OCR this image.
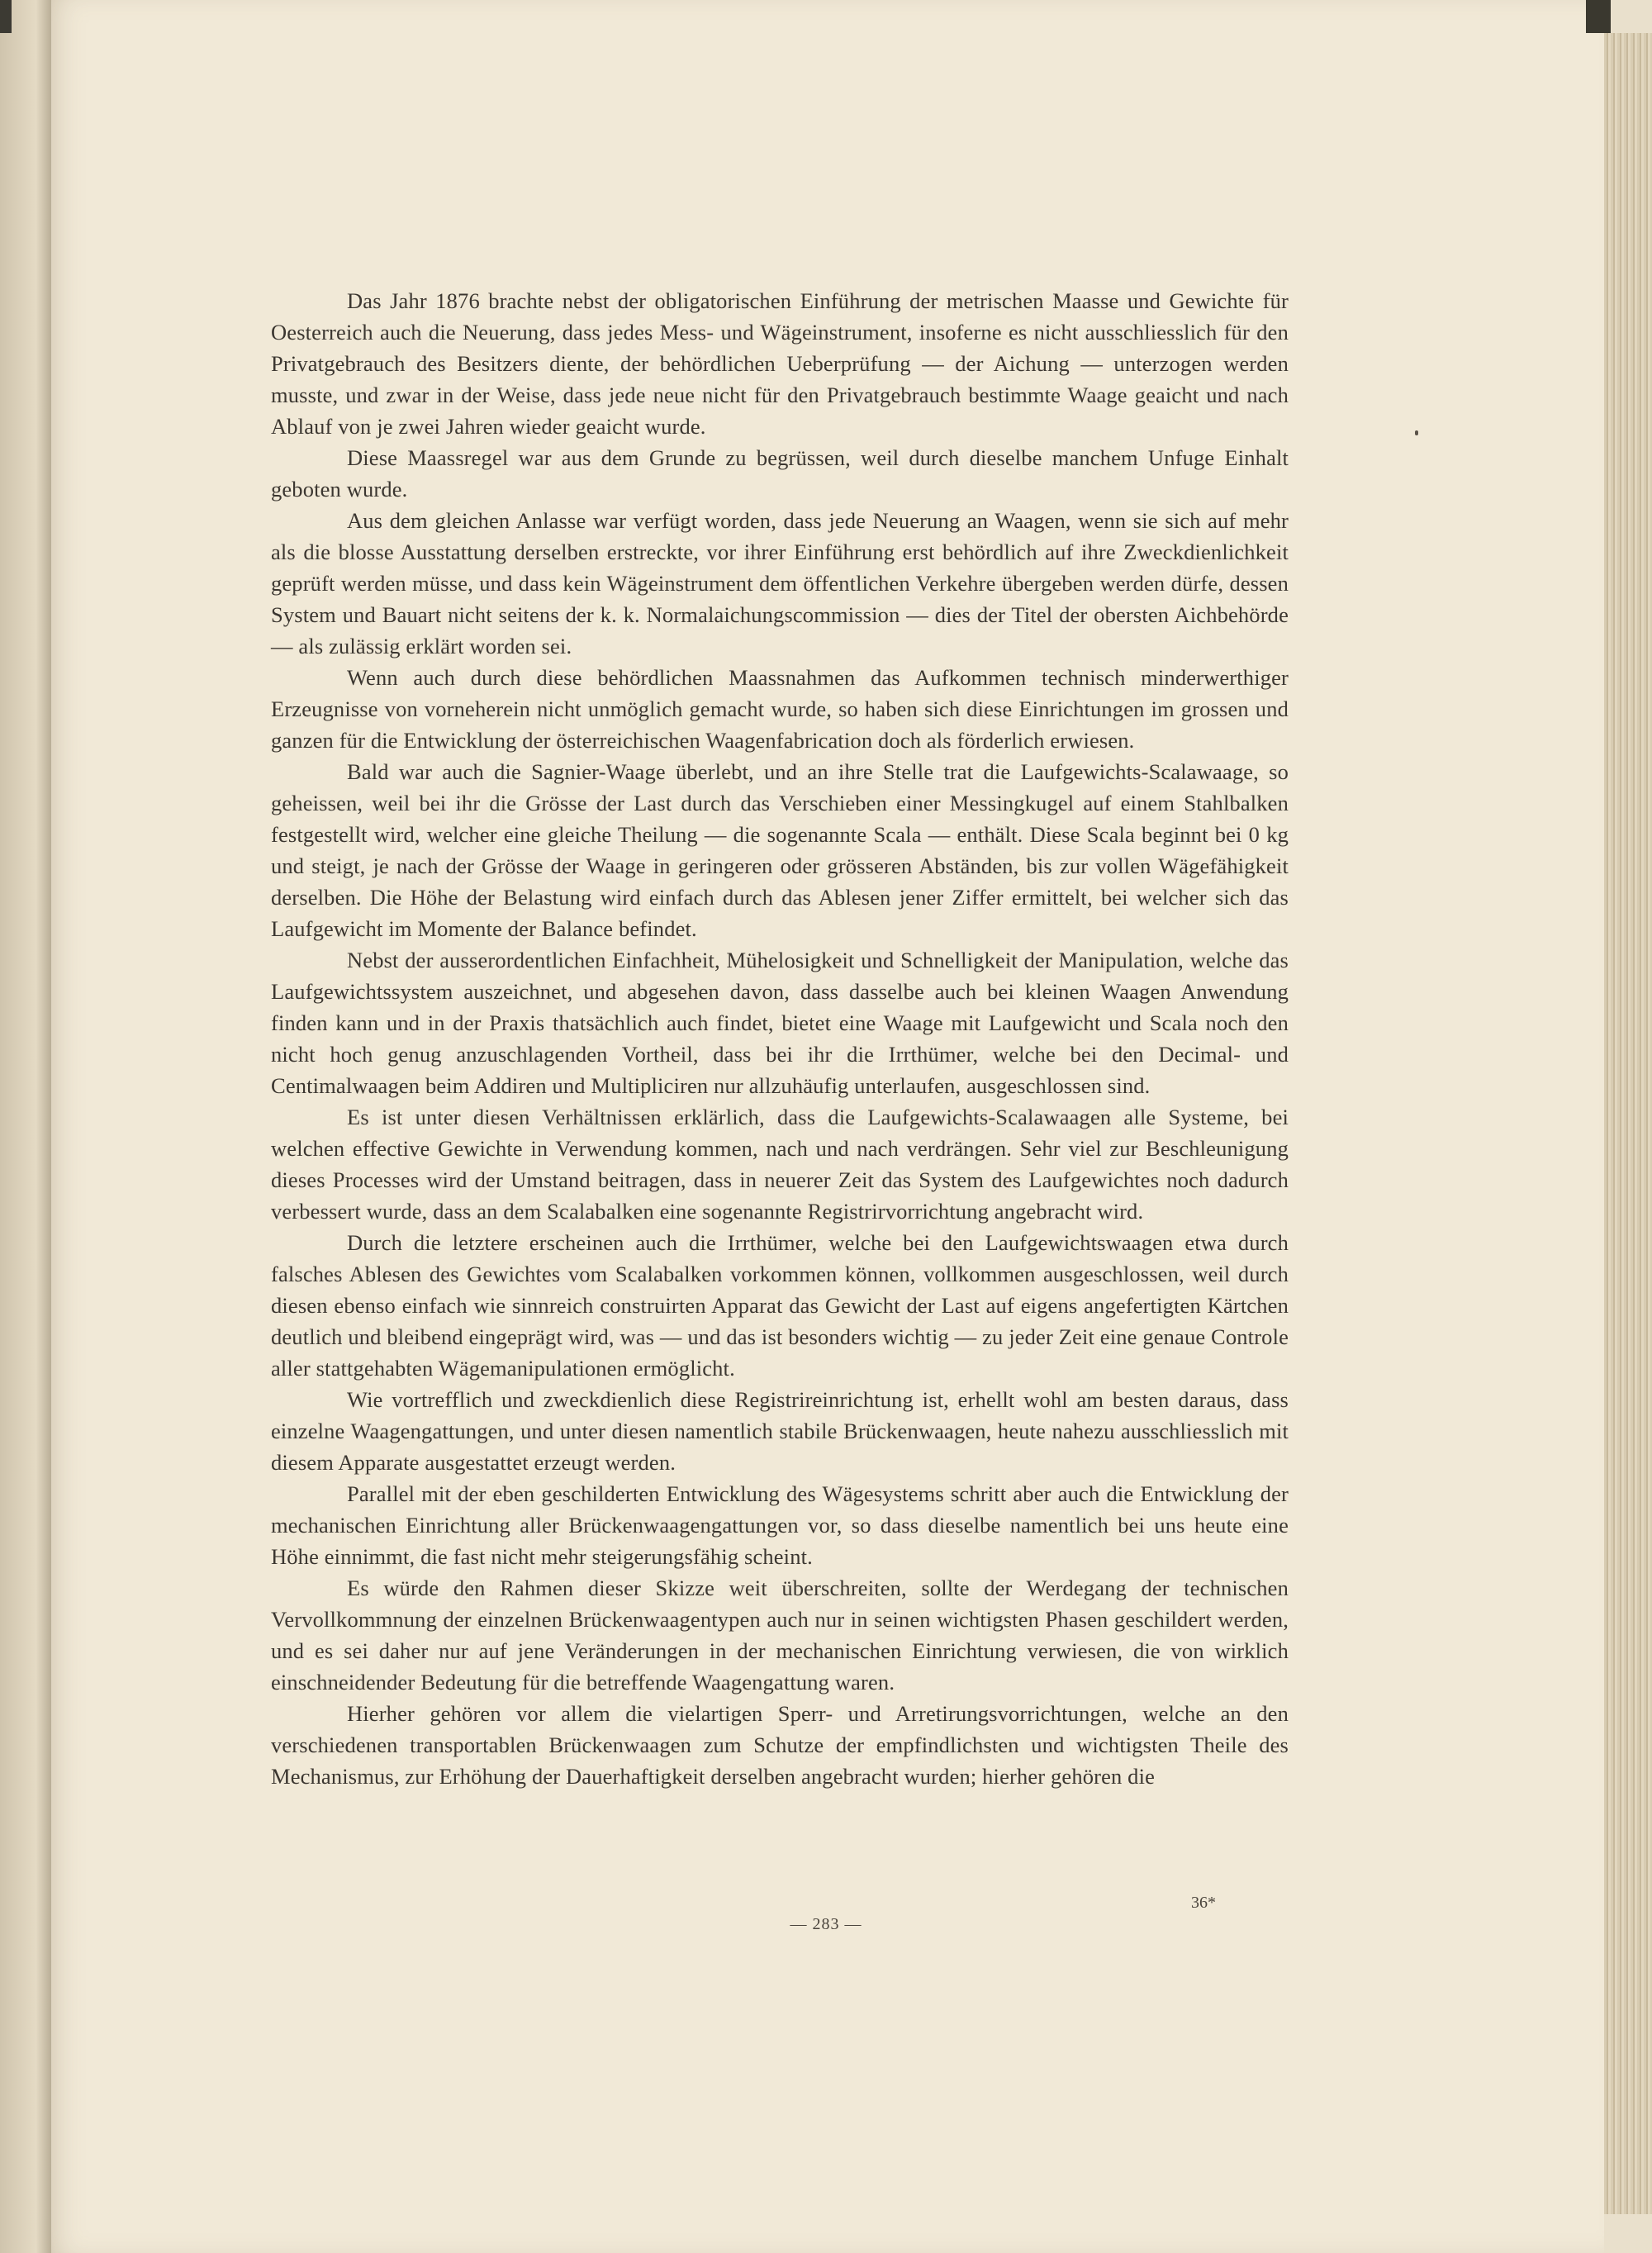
Das Jahr 1876 brachte nebst der obligatorischen Einführung der metrischen Maasse und Gewichte für Oesterreich auch die Neuerung, dass jedes Mess- und Wägeinstrument, insoferne es nicht ausschliesslich für den Privatgebrauch des Besitzers diente, der behördlichen Ueberprüfung — der Aichung — unterzogen werden musste, und zwar in der Weise, dass jede neue nicht für den Privatgebrauch bestimmte Waage geaicht und nach Ablauf von je zwei Jahren wieder geaicht wurde.

Diese Maassregel war aus dem Grunde zu begrüssen, weil durch dieselbe manchem Unfuge Einhalt geboten wurde.

Aus dem gleichen Anlasse war verfügt worden, dass jede Neuerung an Waagen, wenn sie sich auf mehr als die blosse Ausstattung derselben erstreckte, vor ihrer Einführung erst behördlich auf ihre Zweckdienlichkeit geprüft werden müsse, und dass kein Wägeinstrument dem öffentlichen Verkehre übergeben werden dürfe, dessen System und Bauart nicht seitens der k. k. Normalaichungscommission — dies der Titel der obersten Aichbehörde — als zulässig erklärt worden sei.

Wenn auch durch diese behördlichen Maassnahmen das Aufkommen technisch minderwerthiger Erzeugnisse von vorneherein nicht unmöglich gemacht wurde, so haben sich diese Einrichtungen im grossen und ganzen für die Entwicklung der österreichischen Waagenfabrication doch als förderlich erwiesen.

Bald war auch die Sagnier-Waage überlebt, und an ihre Stelle trat die Laufgewichts-Scalawaage, so geheissen, weil bei ihr die Grösse der Last durch das Verschieben einer Messingkugel auf einem Stahlbalken festgestellt wird, welcher eine gleiche Theilung — die sogenannte Scala — enthält. Diese Scala beginnt bei 0 kg und steigt, je nach der Grösse der Waage in geringeren oder grösseren Abständen, bis zur vollen Wägefähigkeit derselben. Die Höhe der Belastung wird einfach durch das Ablesen jener Ziffer ermittelt, bei welcher sich das Laufgewicht im Momente der Balance befindet.

Nebst der ausserordentlichen Einfachheit, Mühelosigkeit und Schnelligkeit der Manipulation, welche das Laufgewichtssystem auszeichnet, und abgesehen davon, dass dasselbe auch bei kleinen Waagen Anwendung finden kann und in der Praxis thatsächlich auch findet, bietet eine Waage mit Laufgewicht und Scala noch den nicht hoch genug anzuschlagenden Vortheil, dass bei ihr die Irrthümer, welche bei den Decimal- und Centimalwaagen beim Addiren und Multipliciren nur allzuhäufig unterlaufen, ausgeschlossen sind.

Es ist unter diesen Verhältnissen erklärlich, dass die Laufgewichts-Scalawaagen alle Systeme, bei welchen effective Gewichte in Verwendung kommen, nach und nach verdrängen. Sehr viel zur Beschleunigung dieses Processes wird der Umstand beitragen, dass in neuerer Zeit das System des Laufgewichtes noch dadurch verbessert wurde, dass an dem Scalabalken eine sogenannte Registrirvorrichtung angebracht wird.

Durch die letztere erscheinen auch die Irrthümer, welche bei den Laufgewichtswaagen etwa durch falsches Ablesen des Gewichtes vom Scalabalken vorkommen können, vollkommen ausgeschlossen, weil durch diesen ebenso einfach wie sinnreich construirten Apparat das Gewicht der Last auf eigens angefertigten Kärtchen deutlich und bleibend eingeprägt wird, was — und das ist besonders wichtig — zu jeder Zeit eine genaue Controle aller stattgehabten Wägemanipulationen ermöglicht.

Wie vortrefflich und zweckdienlich diese Registrireinrichtung ist, erhellt wohl am besten daraus, dass einzelne Waagengattungen, und unter diesen namentlich stabile Brückenwaagen, heute nahezu ausschliesslich mit diesem Apparate ausgestattet erzeugt werden.

Parallel mit der eben geschilderten Entwicklung des Wägesystems schritt aber auch die Entwicklung der mechanischen Einrichtung aller Brückenwaagengattungen vor, so dass dieselbe namentlich bei uns heute eine Höhe einnimmt, die fast nicht mehr steigerungsfähig scheint.

Es würde den Rahmen dieser Skizze weit überschreiten, sollte der Werdegang der technischen Vervollkommnung der einzelnen Brückenwaagentypen auch nur in seinen wichtigsten Phasen geschildert werden, und es sei daher nur auf jene Veränderungen in der mechanischen Einrichtung verwiesen, die von wirklich einschneidender Bedeutung für die betreffende Waagengattung waren.

Hierher gehören vor allem die vielartigen Sperr- und Arretirungsvorrichtungen, welche an den verschiedenen transportablen Brückenwaagen zum Schutze der empfindlichsten und wichtigsten Theile des Mechanismus, zur Erhöhung der Dauerhaftigkeit derselben angebracht wurden; hierher gehören die

36*
— 283 —
